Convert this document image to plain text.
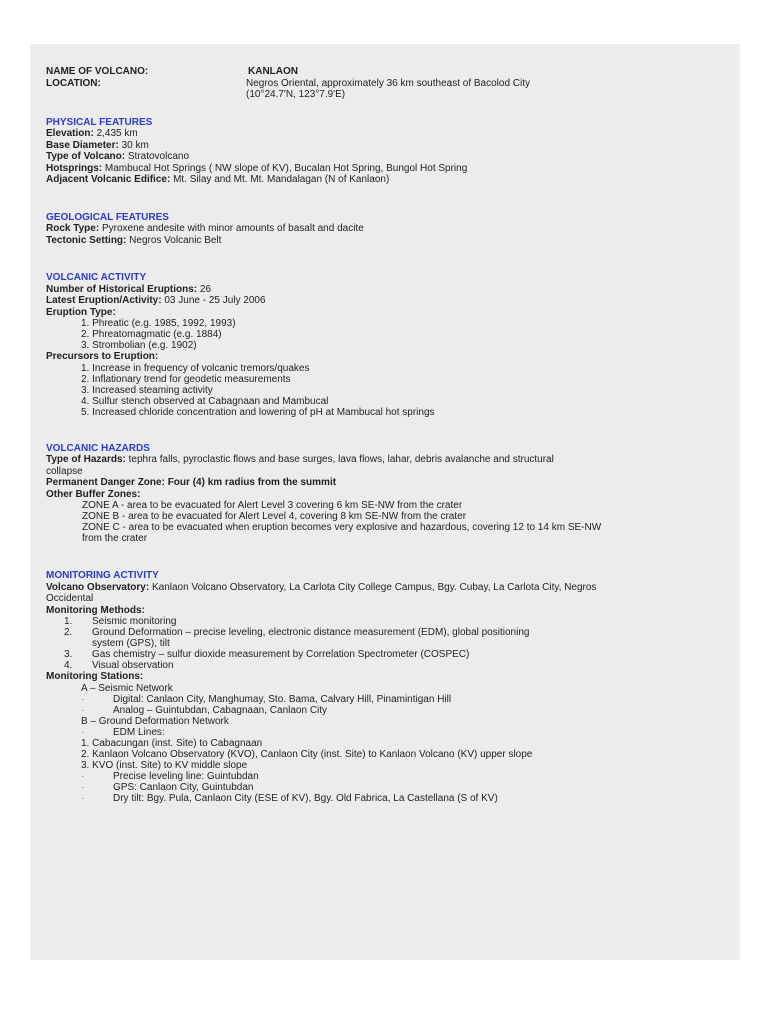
NAME OF VOLCANO:	KANLAON
LOCATION:	Negros Oriental, approximately 36 km southeast of Bacolod City
(10°24.7'N, 123°7.9'E)

PHYSICAL FEATURES

Elevation: 2,435 km

Base Diameter: 30 km

Type of Volcano: Stratovolcano

Hotsprings: Mambucal Hot Springs ( NW slope of KV), Bucalan Hot Spring, Bungol Hot Spring

Adjacent Volcanic Edifice: Mt. Silay and Mt. Mt. Mandalagan (N of Kanlaon)

GEOLOGICAL FEATURES

Rock Type: Pyroxene andesite with minor amounts of basalt and dacite

Tectonic Setting: Negros Volcanic Belt

VOLCANIC ACTIVITY

Number of Historical Eruptions: 26

Latest Eruption/Activity: 03 June - 25 July 2006

Eruption Type:

1. Phreatic (e.g. 1985, 1992, 1993)
2. Phreatomagmatic (e.g. 1884)
3. Strombolian (e.g. 1902)

Precursors to Eruption:

1. Increase in frequency of volcanic tremors/quakes
2. Inflationary trend for geodetic measurements
3. Increased steaming activity
4. Sulfur stench observed at Cabagnaan and Mambucal
5. Increased chloride concentration and lowering of pH at Mambucal hot springs

VOLCANIC HAZARDS

Type of Hazards: tephra falls, pyroclastic flows and base surges, lava flows, lahar, debris avalanche and structural

collapse

Permanent Danger Zone: Four (4) km radius from the summit

Other Buffer Zones:

ZONE A - area to be evacuated for Alert Level 3 covering 6 km SE-NW from the crater
ZONE B - area to be evacuated for Alert Level 4, covering 8 km SE-NW from the crater
ZONE C - area to be evacuated when eruption becomes very explosive and hazardous, covering 12 to 14 km SE-NW
from the crater

MONITORING ACTIVITY

Volcano Observatory: Kanlaon Volcano Observatory, La Carlota City College Campus, Bgy. Cubay, La Carlota City, Negros

Occidental

Monitoring Methods:

1.	Seismic monitoring
2.	Ground Deformation – precise leveling, electronic distance measurement (EDM), global positioning
system (GPS), tilt
3.	Gas chemistry – sulfur dioxide measurement by Correlation Spectrometer (COSPEC)
4.	Visual observation

Monitoring Stations:

A – Seismic Network
·	Digital: Canlaon City, Manghumay, Sto. Bama, Calvary Hill, Pinamintigan Hill
·	Analog – Guintubdan, Cabagnaan, Canlaon City
B – Ground Deformation Network
·	EDM Lines:
1. Cabacungan (inst. Site) to Cabagnaan
2. Kanlaon Volcano Observatory (KVO), Canlaon City (inst. Site) to Kanlaon Volcano (KV) upper slope
3. KVO (inst. Site) to KV middle slope
·	Precise leveling line: Guintubdan
·	GPS: Canlaon City, Guintubdan
·	Dry tilt: Bgy. Pula, Canlaon City (ESE of KV), Bgy. Old Fabrica, La Castellana (S of KV)
